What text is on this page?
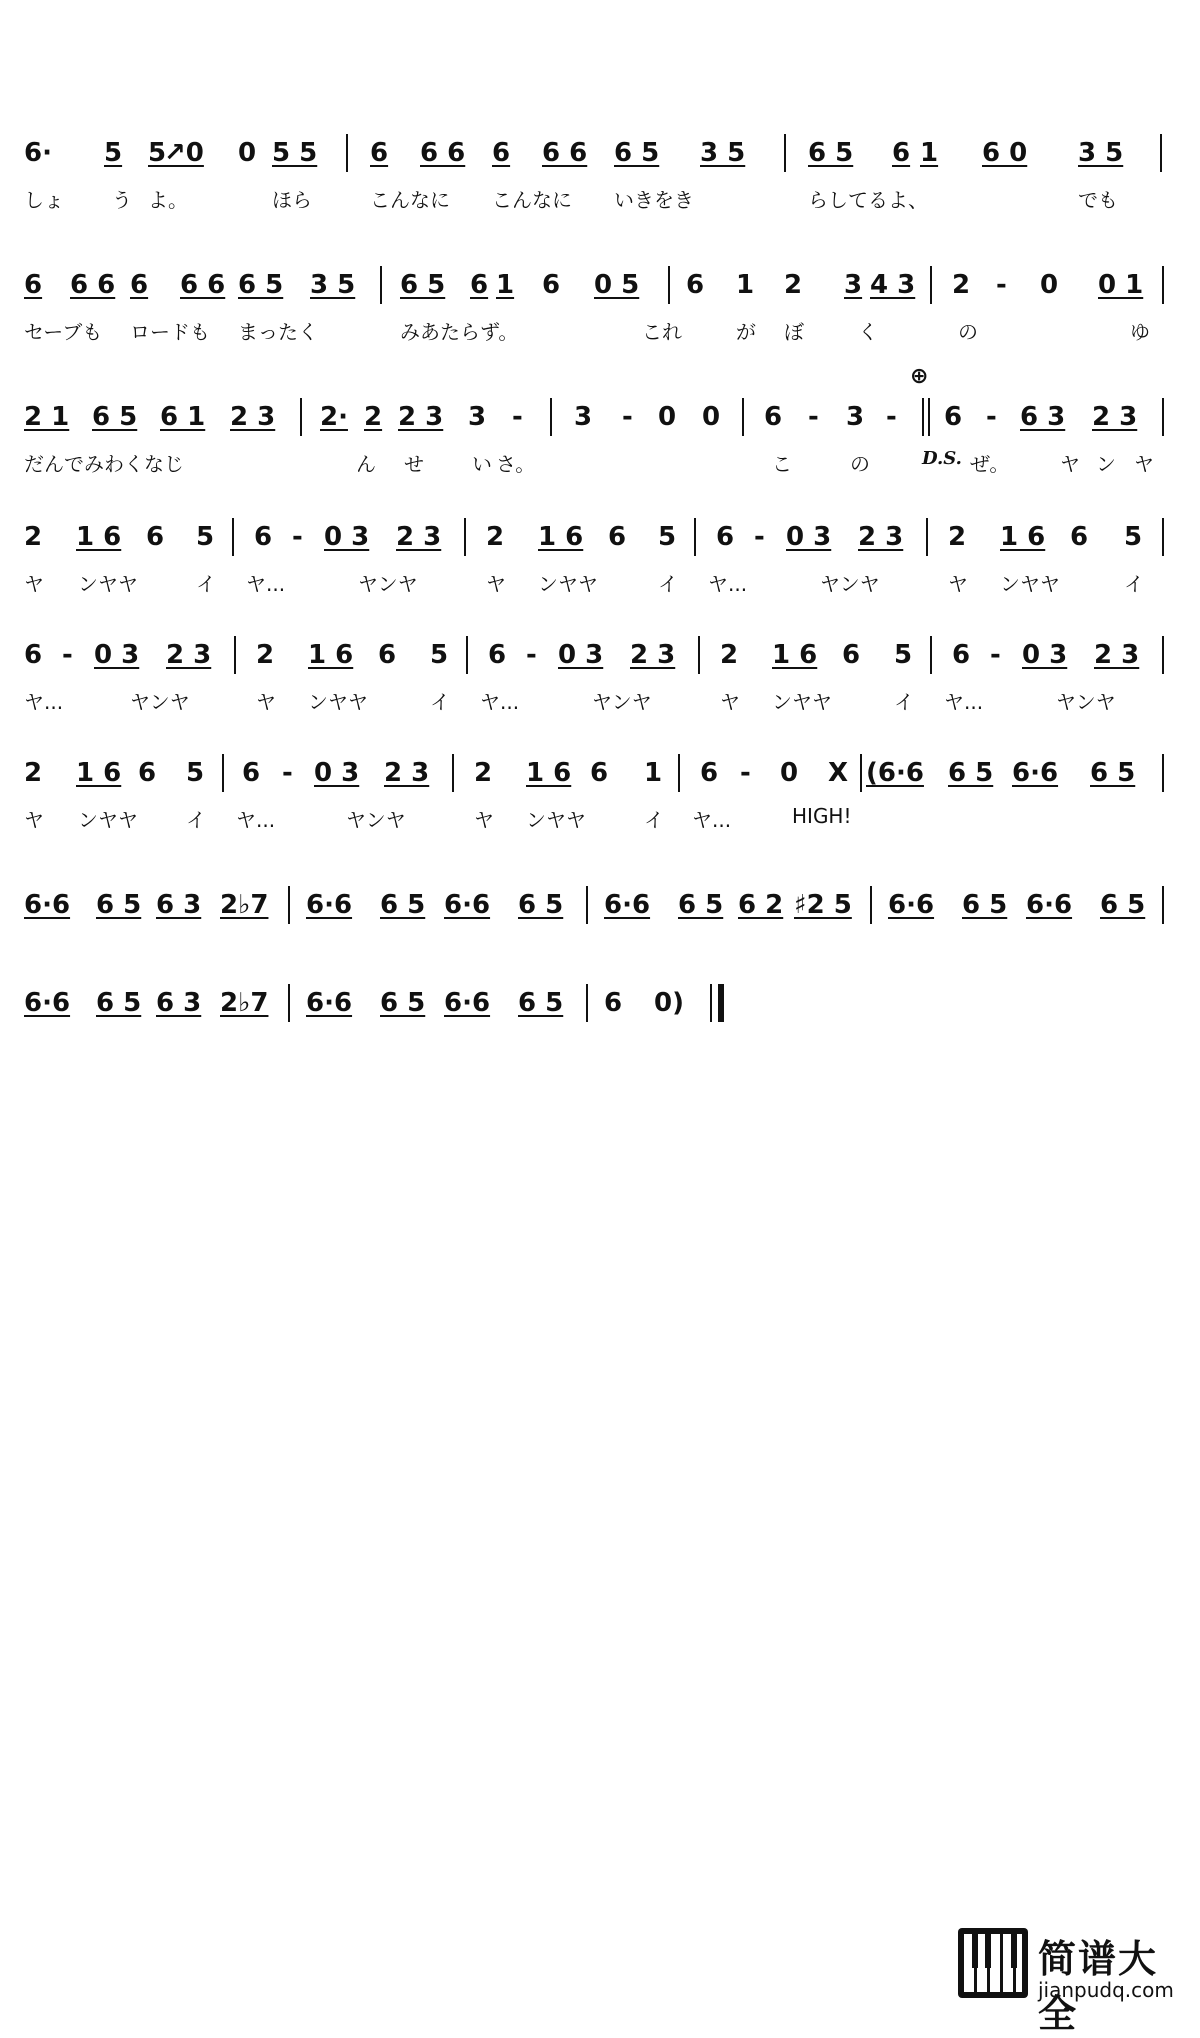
6· 5 5
↗0 0 5 5 6 6 6 6 6 6 6 5 3 5 6 5 6 1 6 0 3 5
しょ う よ。	ほら	こんなに こんなに いきをき	らしてるよ、	でも
6 6 6 6 6 6 6 5 3 5 6 5 6 1 6 0 5 6 1 2 3 4 3 2 - 0 0 1
セーブも ロードも まったく	みあたらず。	これ	が ぼ	く	の	ゆ
⊕
2 1 6 5 6 1 2 3 2· 2 2 3 3 - 3 - 0 0 6 - 3 - 6 - 6 3 2 3
だんでみわくなじ	ん せ い さ。	こ	の	D.S. ぜ。	ヤ ン ヤ
2 1 6 6 5 6 - 0 3 2 3 2 1 6 6 5 6 - 0 3 2 3 2 1 6 6 5
ヤ ンヤヤ	イ ヤ...	ヤンヤ	ヤ ンヤヤ	イ ヤ...	ヤンヤ	ヤ ンヤヤ	イ
6 - 0 3 2 3 2 1 6 6 5 6 - 0 3 2 3 2 1 6 6 5 6 - 0 3 2 3
ヤ...	ヤンヤ	ヤ ンヤヤ	イ ヤ...	ヤンヤ	ヤ ンヤヤ	イ ヤ...	ヤンヤ
2 1 6 6 5 6 - 0 3 2 3 2 1 6 6 1 6 - 0 X (6·6 6 5 6·6 6 5
ヤ ンヤヤ イ ヤ...	ヤンヤ	ヤ ンヤヤ	イ ヤ...	HIGH!
6·6 6 5 6 3 2♭7 6·6 6 5 6·6 6 5 6·6 6 5 6 2 ♯2 5 6·6 6 5 6·6 6 5
6·6 6 5 6 3 2♭7 6·6 6 5 6·6 6 5 6 0)
简谱大全
jianpudq.com
